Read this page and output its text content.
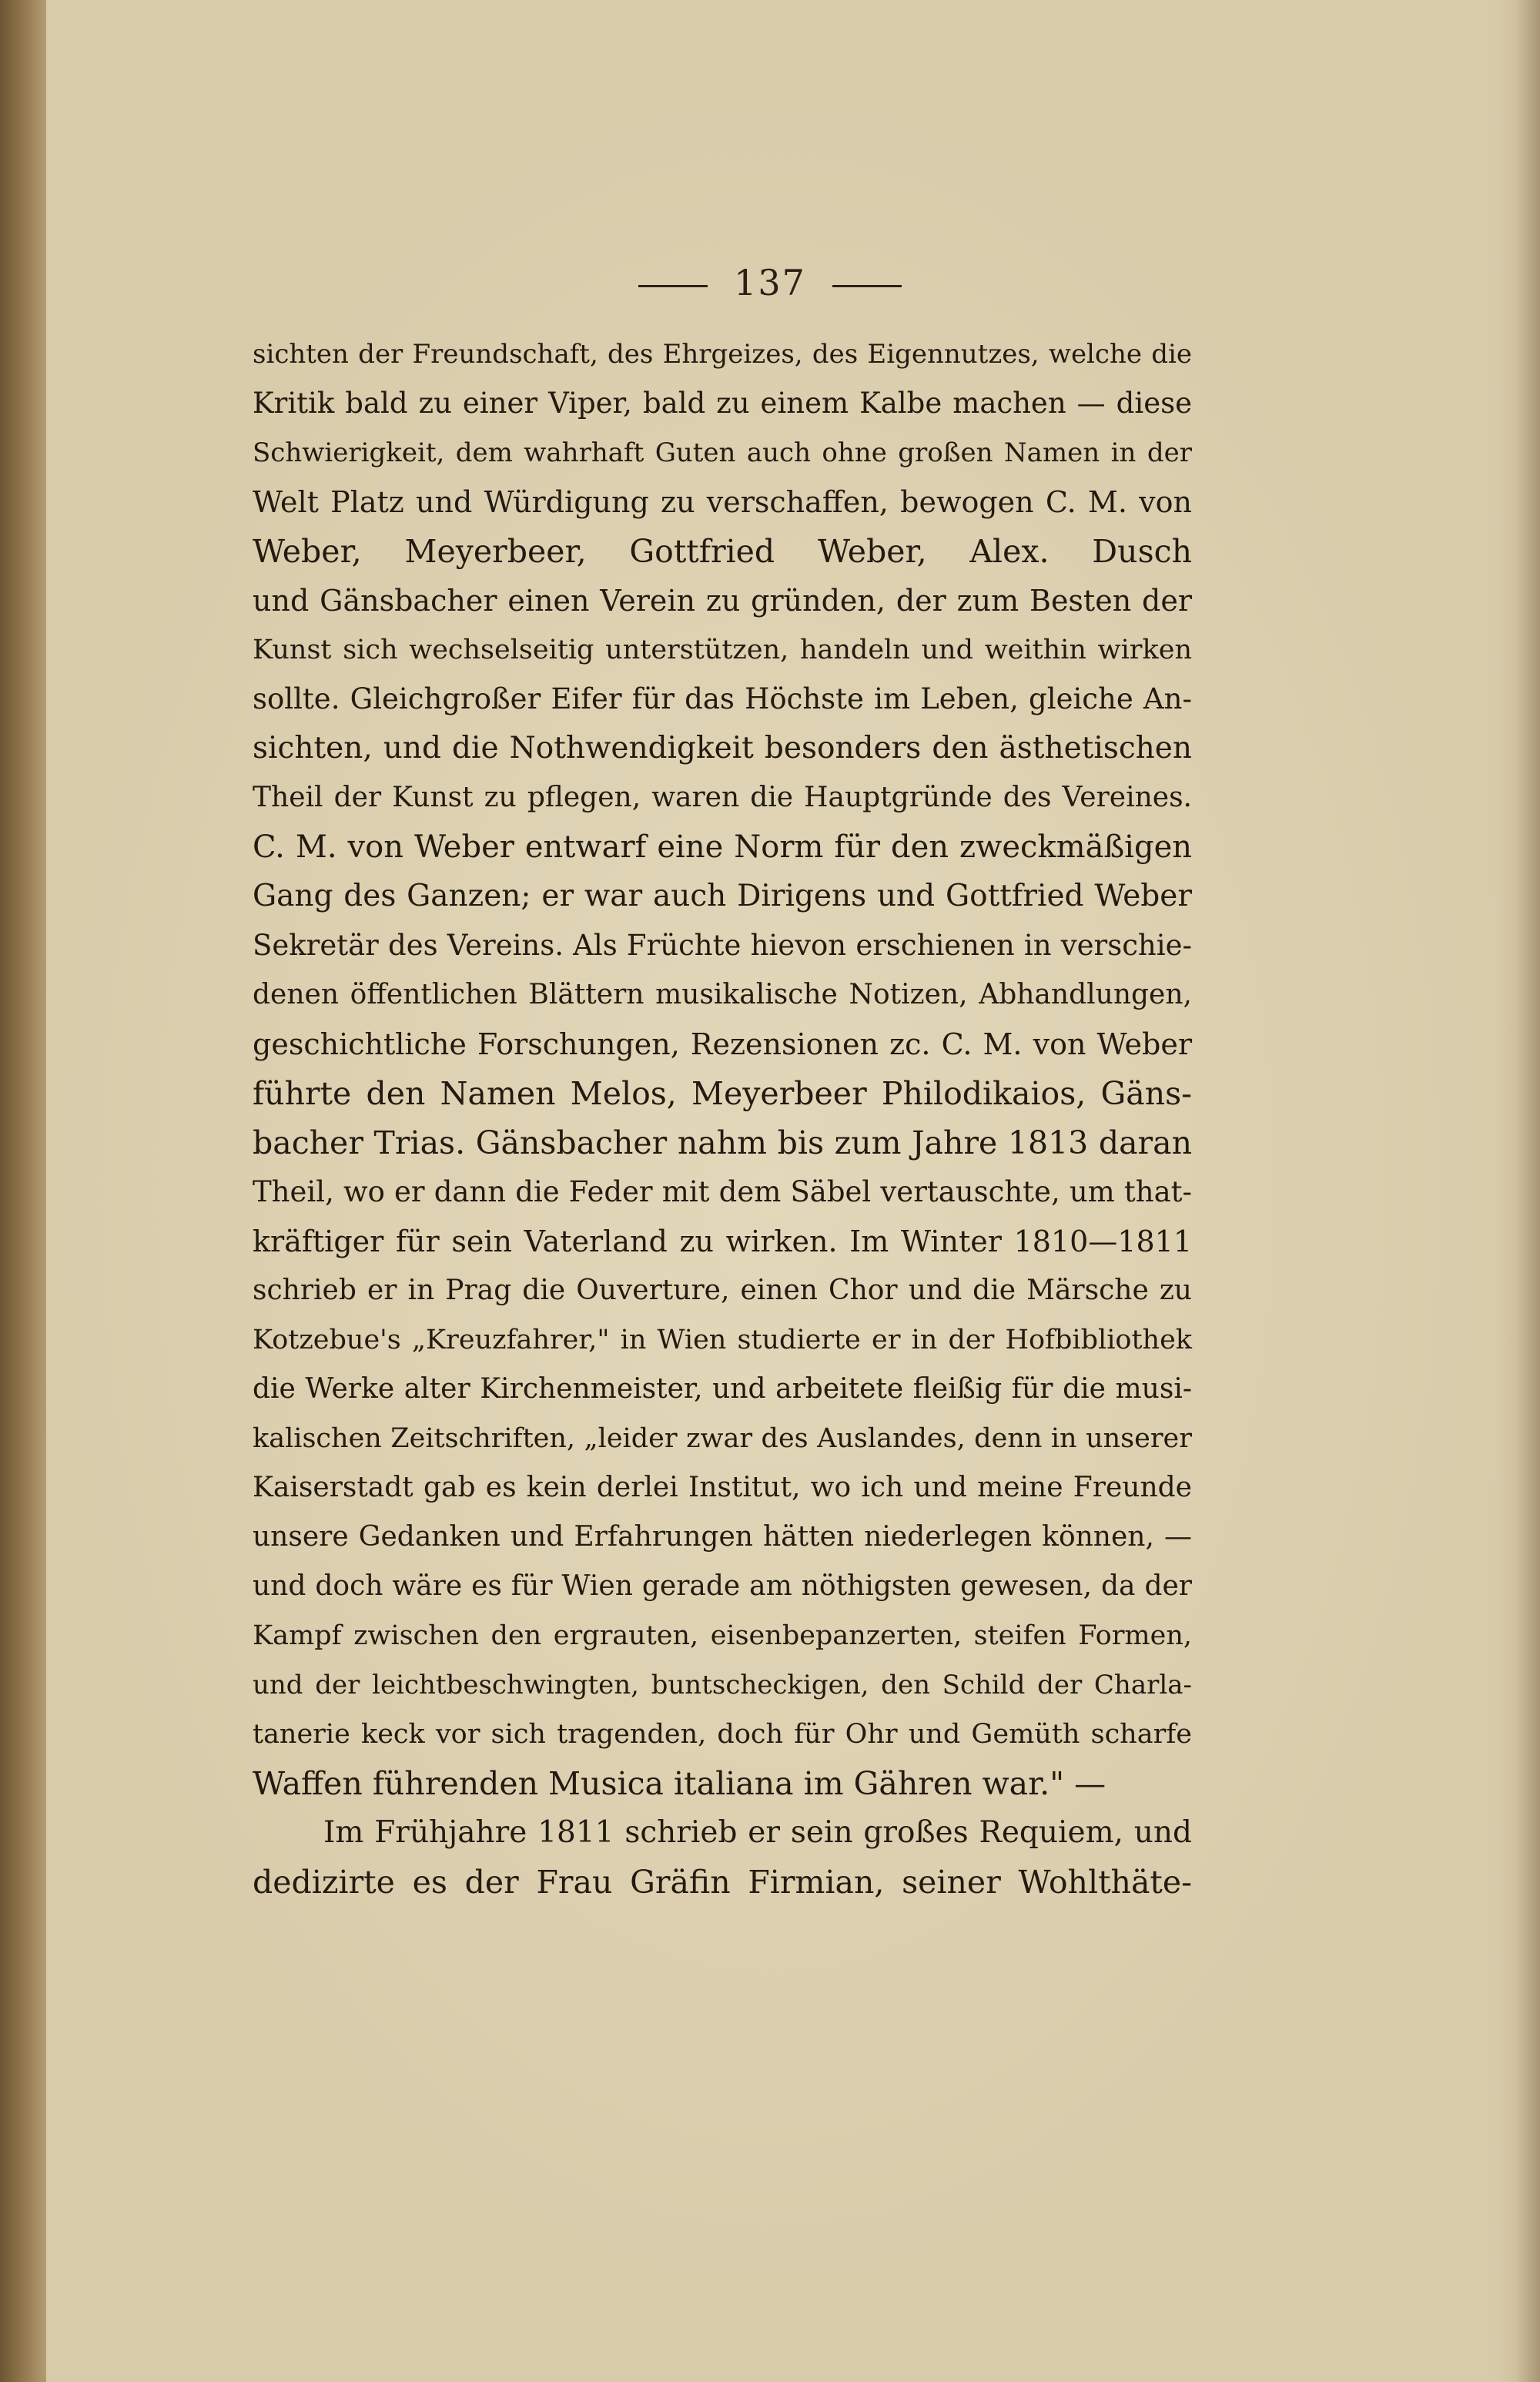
137
sichten der Freundschaft, des Ehrgeizes, des Eigennutzes, welche die
Kritik bald zu einer Viper, bald zu einem Kalbe machen — diese
Schwierigkeit, dem wahrhaft Guten auch ohne großen Namen in der
Welt Platz und Würdigung zu verschaffen, bewogen C. M. von
Weber, Meyerbeer, Gottfried Weber, Alex. Dusch
und Gänsbacher einen Verein zu gründen, der zum Besten der
Kunst sich wechselseitig unterstützen, handeln und weithin wirken
sollte. Gleichgroßer Eifer für das Höchste im Leben, gleiche An-
sichten, und die Nothwendigkeit besonders den ästhetischen
Theil der Kunst zu pflegen, waren die Hauptgründe des Vereines.
C. M. von Weber entwarf eine Norm für den zweckmäßigen
Gang des Ganzen; er war auch Dirigens und Gottfried Weber
Sekretär des Vereins. Als Früchte hievon erschienen in verschie-
denen öffentlichen Blättern musikalische Notizen, Abhandlungen,
geschichtliche Forschungen, Rezensionen zc. C. M. von Weber
führte den Namen Melos, Meyerbeer Philodikaios, Gäns-
bacher Trias. Gänsbacher nahm bis zum Jahre 1813 daran
Theil, wo er dann die Feder mit dem Säbel vertauschte, um that-
kräftiger für sein Vaterland zu wirken. Im Winter 1810—1811
schrieb er in Prag die Ouverture, einen Chor und die Märsche zu
Kotzebue's „Kreuzfahrer," in Wien studierte er in der Hofbibliothek
die Werke alter Kirchenmeister, und arbeitete fleißig für die musi-
kalischen Zeitschriften, „leider zwar des Auslandes, denn in unserer
Kaiserstadt gab es kein derlei Institut, wo ich und meine Freunde
unsere Gedanken und Erfahrungen hätten niederlegen können, —
und doch wäre es für Wien gerade am nöthigsten gewesen, da der
Kampf zwischen den ergrauten, eisenbepanzerten, steifen Formen,
und der leichtbeschwingten, buntscheckigen, den Schild der Charla-
tanerie keck vor sich tragenden, doch für Ohr und Gemüth scharfe
Waffen führenden Musica italiana im Gähren war." —
Im Frühjahre 1811 schrieb er sein großes Requiem, und
dedizirte es der Frau Gräfin Firmian, seiner Wohlthäte-
